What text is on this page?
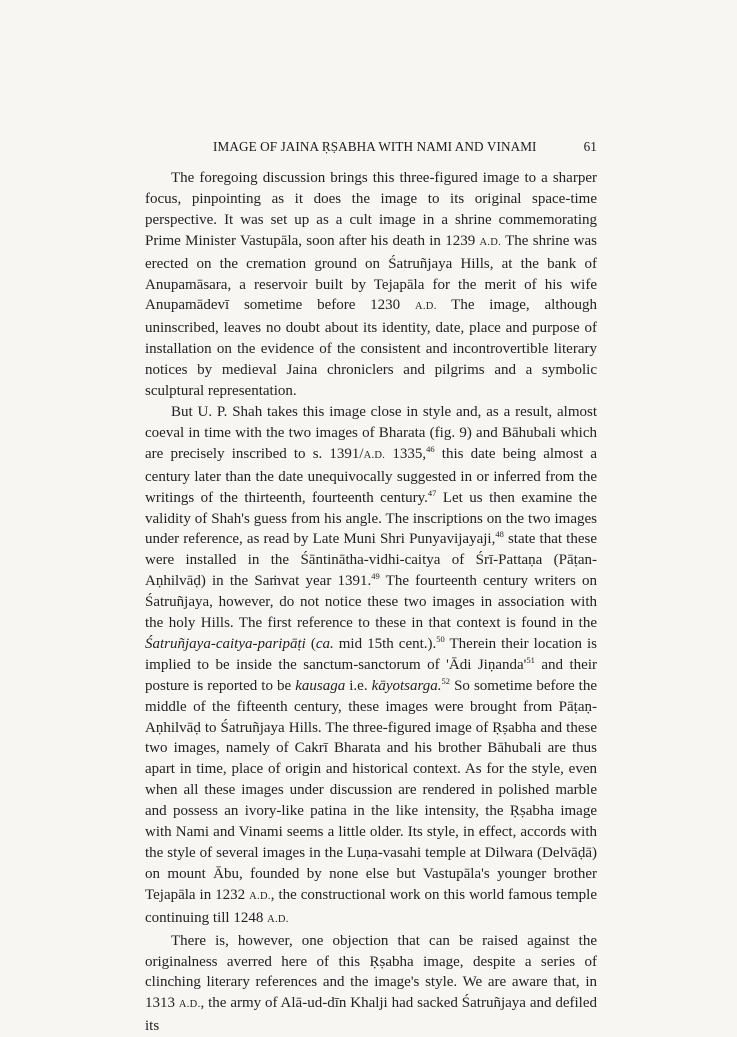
IMAGE OF JAINA ṚṢABHA WITH NAMI AND VINAMI	61

The foregoing discussion brings this three-figured image to a sharper focus, pinpointing as it does the image to its original space-time perspective. It was set up as a cult image in a shrine commemorating Prime Minister Vastupāla, soon after his death in 1239 A.D. The shrine was erected on the cremation ground on Śatruñjaya Hills, at the bank of Anupamāsara, a reservoir built by Tejapāla for the merit of his wife Anupamādevī sometime before 1230 A.D. The image, although uninscribed, leaves no doubt about its identity, date, place and purpose of installation on the evidence of the consistent and incontrovertible literary notices by medieval Jaina chroniclers and pilgrims and a symbolic sculptural representation.

But U. P. Shah takes this image close in style and, as a result, almost coeval in time with the two images of Bharata (fig. 9) and Bāhubali which are precisely inscribed to s. 1391/A.D. 1335,46 this date being almost a century later than the date unequivocally suggested in or inferred from the writings of the thirteenth, fourteenth century.$^{47}$ Let us then examine the validity of Shah's guess from his angle. The inscriptions on the two images under reference, as read by Late Muni Shri Punyavijayaji,$^{48}$ state that these were installed in the Śāntinātha-vidhi-caitya of Śrī-Pattaṇa (Pāṭan-Aṇhilvāḍ) in the Saṁvat year 1391.49 The fourteenth century writers on Śatruñjaya, however, do not notice these two images in association with the holy Hills. The first reference to these in that context is found in the Śatruñjaya-caitya-paripāṭi (ca. mid 15th cent.).$^{50}$ Therein their location is implied to be inside the sanctum-sanctorum of 'Ādi $Jiṇanda'^{51}$ and their posture is reported to be kausaga i.e. kāyotsarga.$^{52}$ So sometime before the middle of the fifteenth century, these images were brought from Pāṭaṇ-Aṇhilvāḍ to Śatruñjaya Hills. The three-figured image of Ṛṣabha and these two images, namely of Cakrī Bharata and his brother Bāhubali are thus apart in time, place of origin and historical context. As for the style, even when all these images under discussion are rendered in polished marble and possess an ivory-like patina in the like intensity, the Ṛṣabha image with Nami and Vinami seems a little older. Its style, in effect, accords with the style of several images in the Luṇa-vasahi temple at Dilwara (Delvāḍā) on mount Ābu, founded by none else but Vastupāla's younger brother Tejapāla in 1232 A.D., the constructional work on this world famous temple continuing till 1248 A.D.

There is, however, one objection that can be raised against the originalness averred here of this Ṛṣabha image, despite a series of clinching literary references and the image's style. We are aware that, in 1313 A.D., the army of Alā-ud-dīn Khalji had sacked Śatruñjaya and defiled its
